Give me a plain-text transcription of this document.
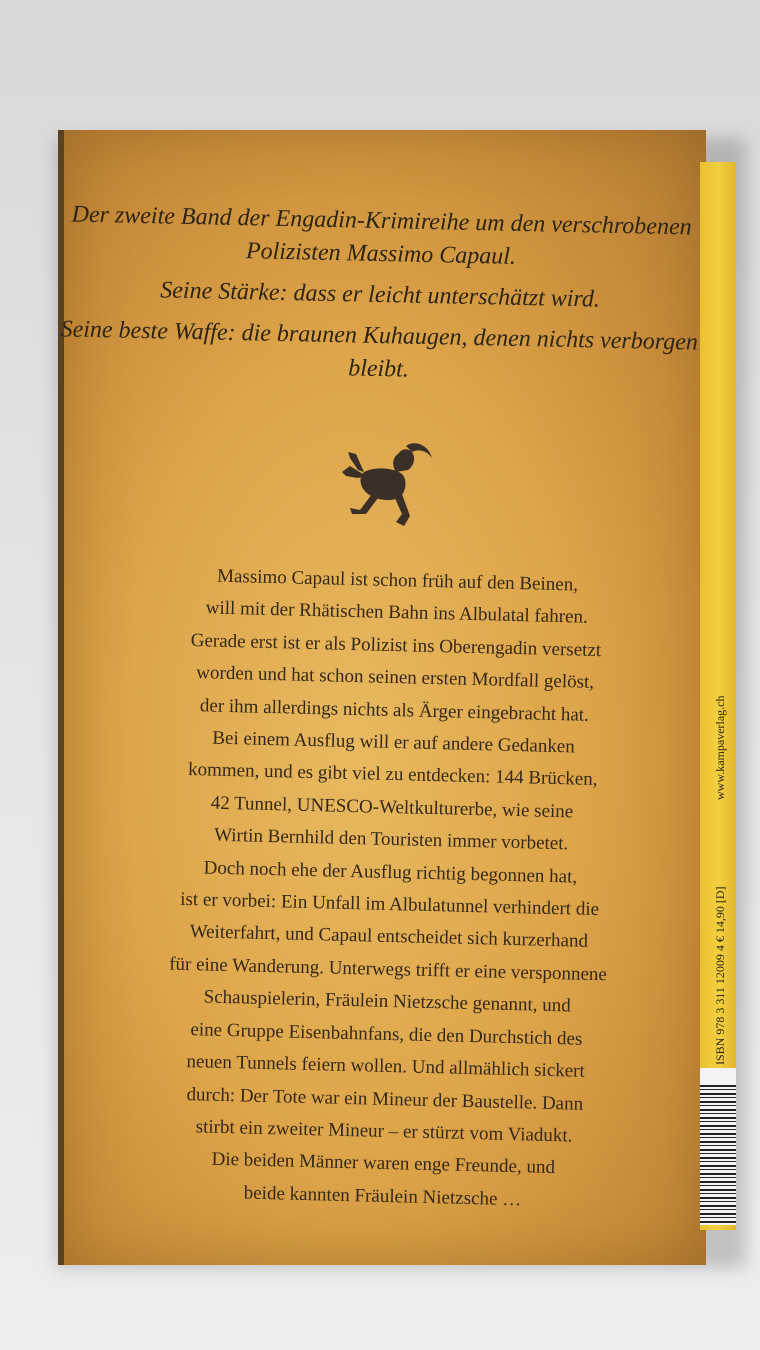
www.kampaverlag.ch
ISBN 978 3 311 12009 4 € 14,90 [D]

Der zweite Band der Engadin-Krimireihe um den verschrobenen Polizisten Massimo Capaul.

Seine Stärke: dass er leicht unterschätzt wird.

Seine beste Waffe: die braunen Kuhaugen, denen nichts verborgen bleibt.

Massimo Capaul ist schon früh auf den Beinen,
will mit der Rhätischen Bahn ins Albulatal fahren.
Gerade erst ist er als Polizist ins Oberengadin versetzt
worden und hat schon seinen ersten Mordfall gelöst,
der ihm allerdings nichts als Ärger eingebracht hat.
Bei einem Ausflug will er auf andere Gedanken
kommen, und es gibt viel zu entdecken: 144 Brücken,
42 Tunnel, UNESCO-Weltkulturerbe, wie seine
Wirtin Bernhild den Touristen immer vorbetet.
Doch noch ehe der Ausflug richtig begonnen hat,
ist er vorbei: Ein Unfall im Albulatunnel verhindert die
Weiterfahrt, und Capaul entscheidet sich kurzerhand
für eine Wanderung. Unterwegs trifft er eine versponnene
Schauspielerin, Fräulein Nietzsche genannt, und
eine Gruppe Eisenbahnfans, die den Durchstich des
neuen Tunnels feiern wollen. Und allmählich sickert
durch: Der Tote war ein Mineur der Baustelle. Dann
stirbt ein zweiter Mineur – er stürzt vom Viadukt.
Die beiden Männer waren enge Freunde, und
beide kannten Fräulein Nietzsche …
